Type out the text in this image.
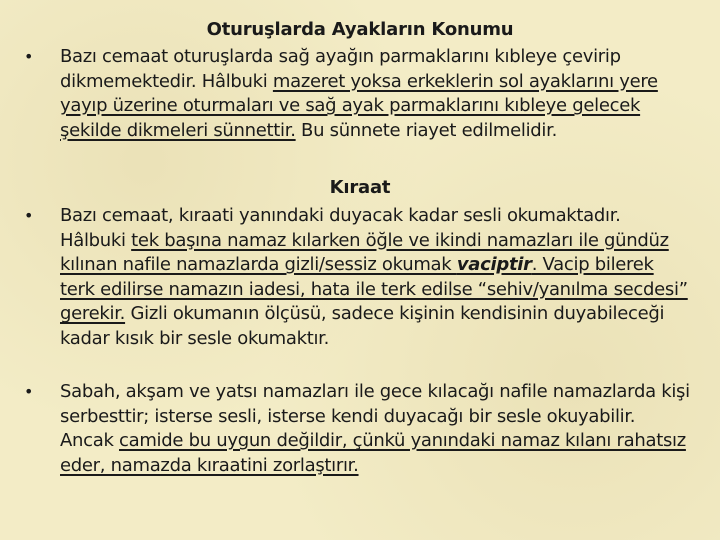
Oturuşlarda Ayakların Konumu
• Bazı cemaat oturuşlarda sağ ayağın parmaklarını kıbleye çevirip dikmemektedir. Hâlbuki mazeret yoksa erkeklerin sol ayaklarını yere yayıp üzerine oturmaları ve sağ ayak parmaklarını kıbleye gelecek şekilde dikmeleri sünnettir. Bu sünnete riayet edilmelidir.
Kıraat
• Bazı cemaat, kıraati yanındaki duyacak kadar sesli okumaktadır. Hâlbuki tek başına namaz kılarken öğle ve ikindi namazları ile gündüz kılınan nafile namazlarda gizli/sessiz okumak vaciptir. Vacip bilerek terk edilirse namazın iadesi, hata ile terk edilse “sehiv/yanılma secdesi” gerekir. Gizli okumanın ölçüsü, sadece kişinin kendisinin duyabileceği kadar kısık bir sesle okumaktır.
• Sabah, akşam ve yatsı namazları ile gece kılacağı nafile namazlarda kişi serbesttir; isterse sesli, isterse kendi duyacağı bir sesle okuyabilir. Ancak camide bu uygun değildir, çünkü yanındaki namaz kılanı rahatsız eder, namazda kıraatini zorlaştırır.
